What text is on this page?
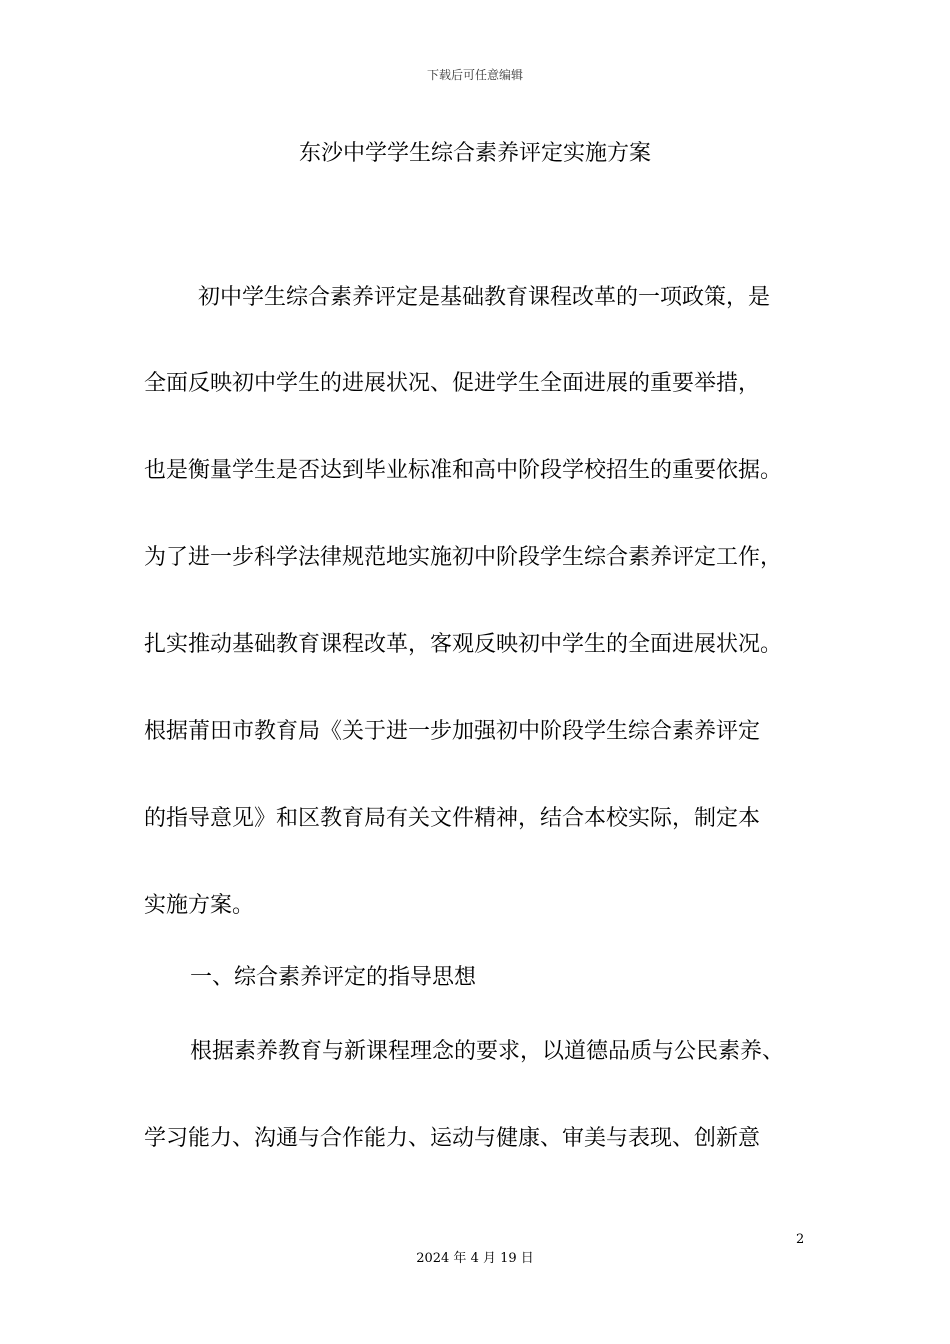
下载后可任意编辑
东沙中学学生综合素养评定实施方案
初中学生综合素养评定是基础教育课程改革的一项政策，是
全面反映初中学生的进展状况、促进学生全面进展的重要举措，
也是衡量学生是否达到毕业标准和高中阶段学校招生的重要依据。
为了进一步科学法律规范地实施初中阶段学生综合素养评定工作，
扎实推动基础教育课程改革，客观反映初中学生的全面进展状况。
根据莆田市教育局《关于进一步加强初中阶段学生综合素养评定
的指导意见》和区教育局有关文件精神，结合本校实际，制定本
实施方案。
一、综合素养评定的指导思想
根据素养教育与新课程理念的要求，以道德品质与公民素养、
学习能力、沟通与合作能力、运动与健康、审美与表现、创新意
2
2024 年 4 月 19 日
